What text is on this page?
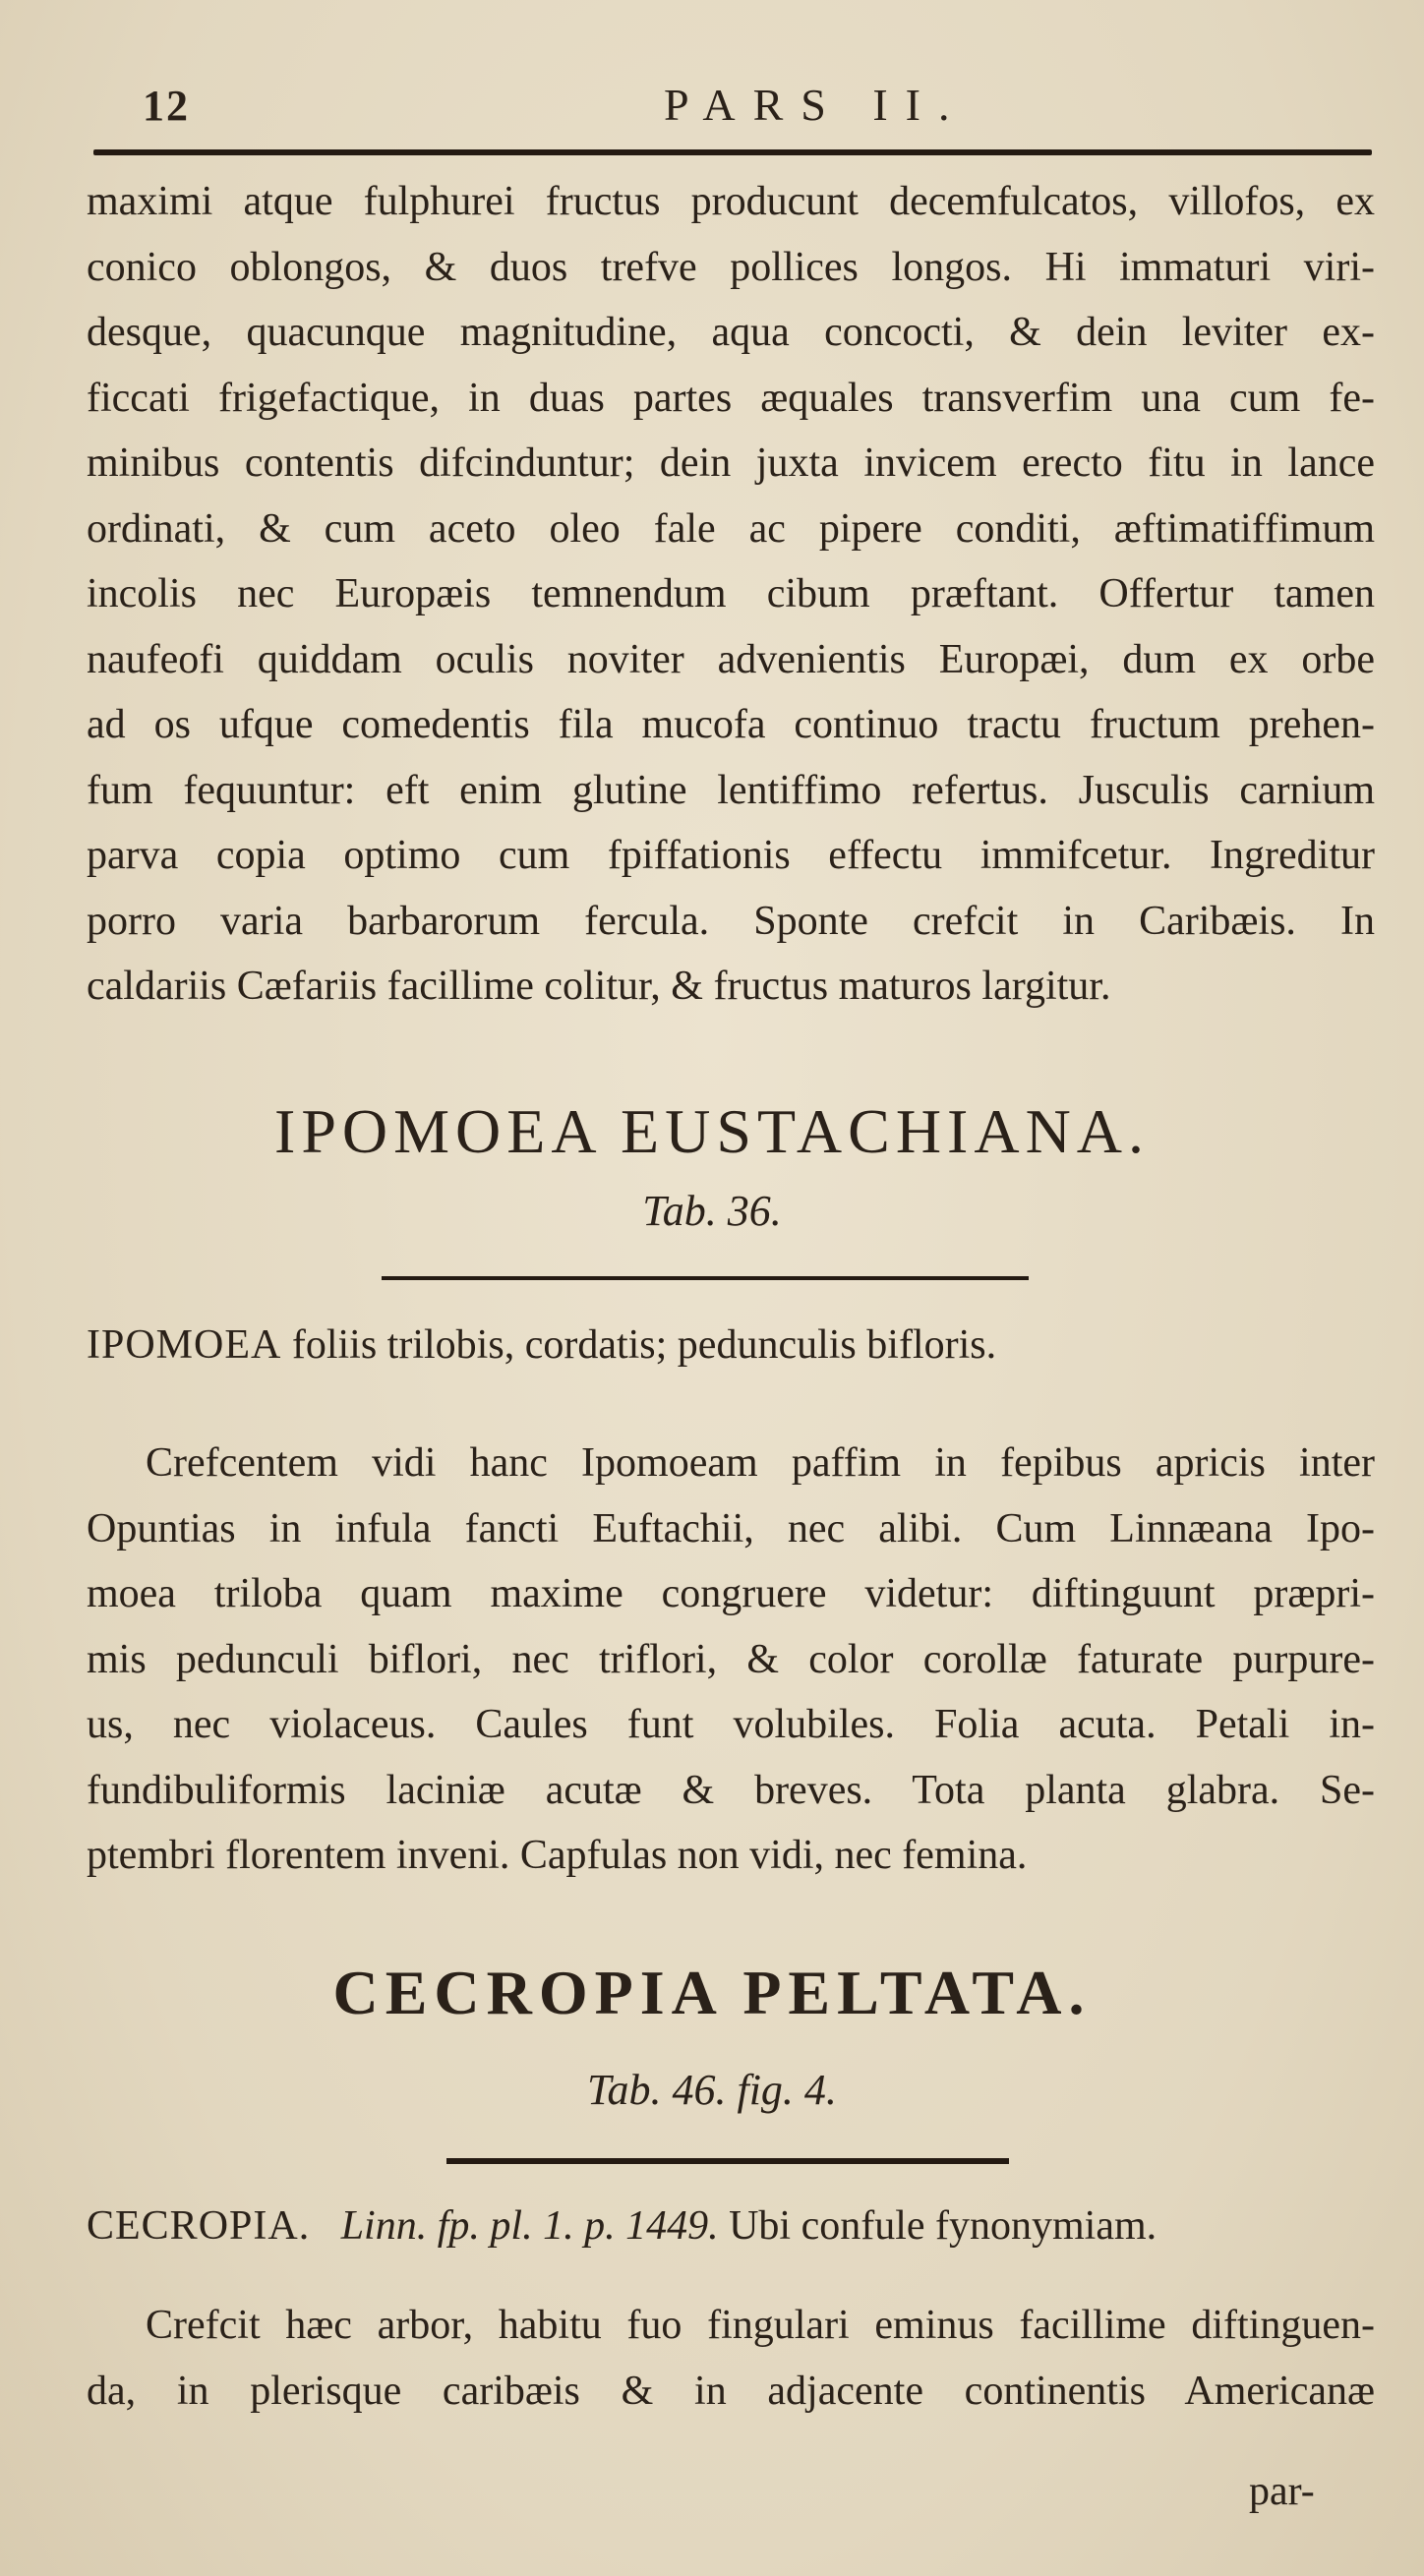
12	PARS II.
maximi atque fulphurei fructus producunt decemfulcatos, villofos, ex
conico oblongos, & duos trefve pollices longos. Hi immaturi viri-
desque, quacunque magnitudine, aqua concocti, & dein leviter ex-
ficcati frigefactique, in duas partes æquales transverfim una cum fe-
minibus contentis difcinduntur; dein juxta invicem erecto fitu in lance
ordinati, & cum aceto oleo fale ac pipere conditi, æftimatiffimum
incolis nec Europæis temnendum cibum præftant. Offertur tamen
naufeofi quiddam oculis noviter advenientis Europæi, dum ex orbe
ad os ufque comedentis fila mucofa continuo tractu fructum prehen-
fum fequuntur: eft enim glutine lentiffimo refertus. Jusculis carnium
parva copia optimo cum fpiffationis effectu immifcetur. Ingreditur
porro varia barbarorum fercula. Sponte crefcit in Caribæis. In
caldariis Cæfariis facillime colitur, & fructus maturos largitur.
IPOMOEA EUSTACHIANA.
Tab. 36.
IPOMOEA foliis trilobis, cordatis; pedunculis bifloris.
Crefcentem vidi hanc Ipomoeam paffim in fepibus apricis inter
Opuntias in infula fancti Euftachii, nec alibi. Cum Linnæana Ipo-
moea triloba quam maxime congruere videtur: diftinguunt præpri-
mis pedunculi biflori, nec triflori, & color corollæ faturate purpure-
us, nec violaceus. Caules funt volubiles. Folia acuta. Petali in-
fundibuliformis laciniæ acutæ & breves. Tota planta glabra. Se-
ptembri florentem inveni. Capfulas non vidi, nec femina.
CECROPIA PELTATA.
Tab. 46. fig. 4.
CECROPIA. Linn. fp. pl. 1. p. 1449. Ubi confule fynonymiam.
Crefcit hæc arbor, habitu fuo fingulari eminus facillime diftinguen-
da, in plerisque caribæis & in adjacente continentis Americanæ
par-
